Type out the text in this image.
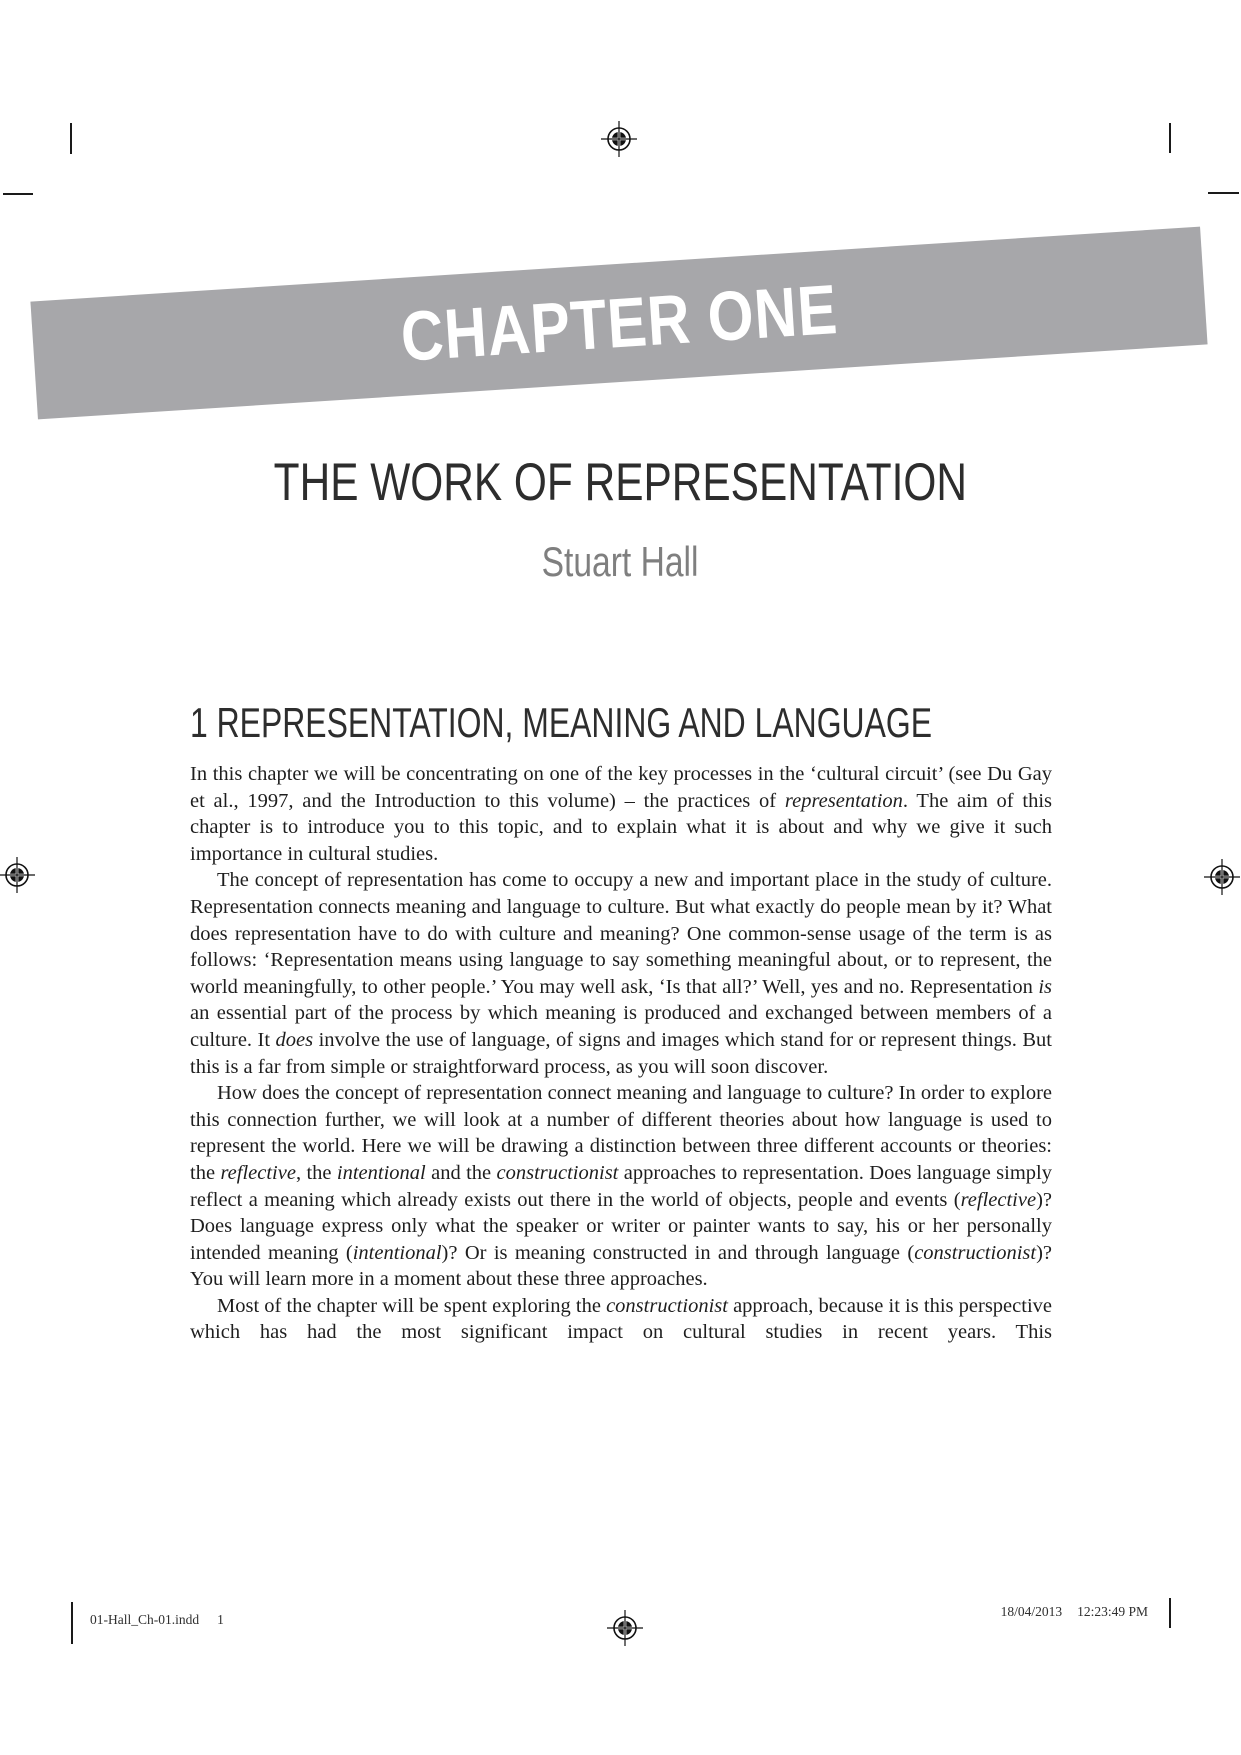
CHAPTER ONE
THE WORK OF REPRESENTATION
Stuart Hall
1 REPRESENTATION, MEANING AND LANGUAGE

In this chapter we will be concentrating on one of the key processes in the ‘cultural circuit’ (see Du Gay et al., 1997, and the Introduction to this volume) – the practices of representation. The aim of this chapter is to introduce you to this topic, and to explain what it is about and why we give it such importance in cultural studies.

The concept of representation has come to occupy a new and important place in the study of culture. Representation connects meaning and language to culture. But what exactly do people mean by it? What does representation have to do with culture and meaning? One common-sense usage of the term is as follows: ‘Representation means using language to say something meaningful about, or to represent, the world meaningfully, to other people.’ You may well ask, ‘Is that all?’ Well, yes and no. Representation is an essential part of the process by which meaning is produced and exchanged between members of a culture. It does involve the use of language, of signs and images which stand for or represent things. But this is a far from simple or straightforward process, as you will soon discover.

How does the concept of representation connect meaning and language to culture? In order to explore this connection further, we will look at a number of different theories about how language is used to represent the world. Here we will be drawing a distinction between three different accounts or theories: the reflective, the intentional and the constructionist approaches to representation. Does language simply reflect a meaning which already exists out there in the world of objects, people and events (reflective)? Does language express only what the speaker or writer or painter wants to say, his or her personally intended meaning (intentional)? Or is meaning constructed in and through language (constructionist)? You will learn more in a moment about these three approaches.

Most of the chapter will be spent exploring the constructionist approach, because it is this perspective which has had the most significant impact on cultural studies in recent years. This

01-Hall_Ch-01.indd 1
18/04/2013 12:23:49 PM
